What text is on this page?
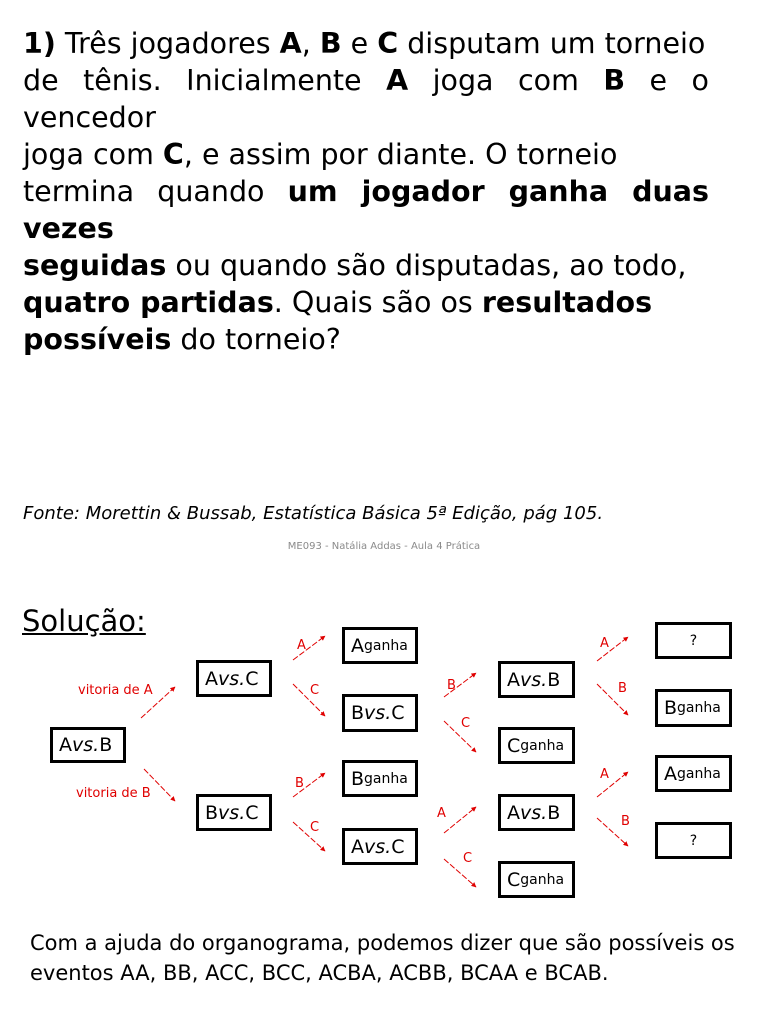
1) Três jogadores A, B e C disputam um torneio
de tênis. Inicialmente A joga com B e o vencedor
joga com C, e assim por diante. O torneio
termina quando um jogador ganha duas vezes
seguidas ou quando são disputadas, ao todo,
quatro partidas. Quais são os resultados
possíveis do torneio?
Fonte: Morettin & Bussab, Estatística Básica 5ª Edição, pág 105.
ME093 - Natália Addas - Aula 4 Prática
Solução:
A vs. B
vitoria de A
vitoria de B
A vs. C
B vs. C
A ganha
B vs. C
B ganha
A vs. C
A vs. B
C ganha
A vs. B
C ganha
?
B ganha
A ganha
?
A
C
B
C
B
C
A
C
A
B
A
B
Com a ajuda do organograma, podemos dizer que são possíveis os
eventos AA, BB, ACC, BCC, ACBA, ACBB, BCAA e BCAB.
